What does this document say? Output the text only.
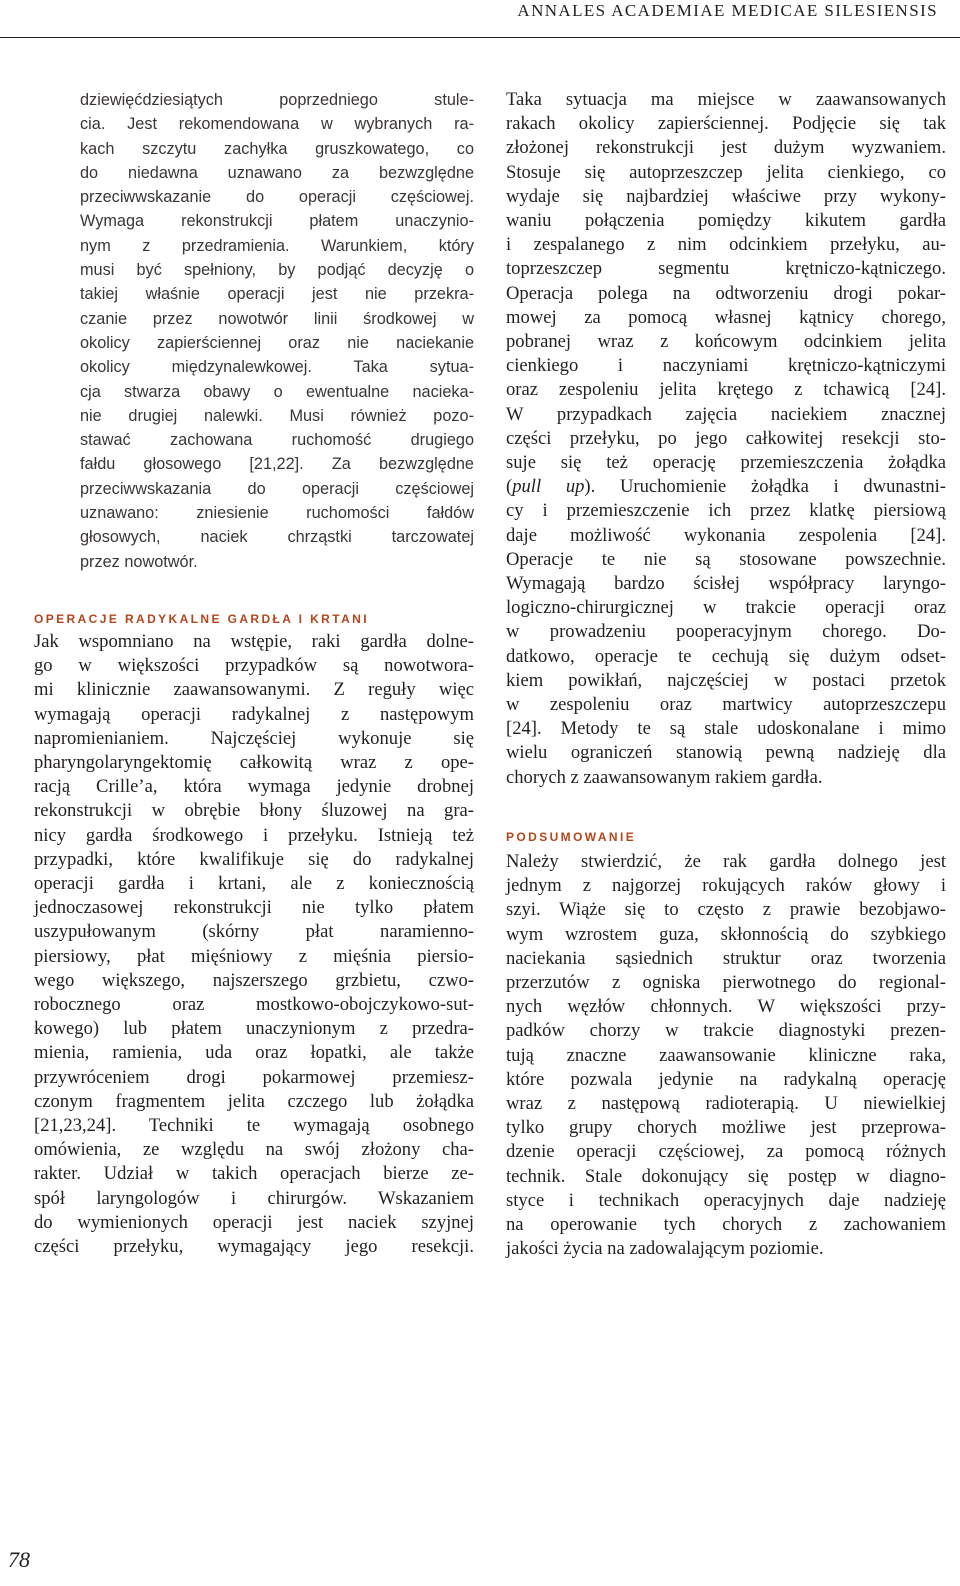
ANNALES ACADEMIAE MEDICAE SILESIENSIS

dziewięćdziesiątych poprzedniego stule-
cia. Jest rekomendowana w wybranych ra-
kach szczytu zachyłka gruszkowatego, co
do niedawna uznawano za bezwzględne
przeciwwskazanie do operacji częściowej.
Wymaga rekonstrukcji płatem unaczynio-
nym z przedramienia. Warunkiem, który
musi być spełniony, by podjąć decyzję o
takiej właśnie operacji jest nie przekra-
czanie przez nowotwór linii środkowej w
okolicy zapierściennej oraz nie naciekanie
okolicy międzynalewkowej. Taka sytua-
cja stwarza obawy o ewentualne naciekа-
nie drugiej nalewki. Musi również pozo-
stawać zachowana ruchomość drugiego
fałdu głosowego [21,22]. Za bezwzględne
przeciwwskazania do operacji częściowej
uznawano: zniesienie ruchomości fałdów
głosowych, naciek chrząstki tarczowatej
przez nowotwór.

OPERACJE RADYKALNE GARDŁA I KRTANI

Jak wspomniano na wstępie, raki gardła dolne-
go w większości przypadków są nowotwora-
mi klinicznie zaawansowanymi. Z reguły więc
wymagają operacji radykalnej z następowym
napromienianiem. Najczęściej wykonuje się
pharyngolaryngektomię całkowitą wraz z ope-
racją Crille’a, która wymaga jedynie drobnej
rekonstrukcji w obrębie błony śluzowej na gra-
nicy gardła środkowego i przełyku. Istnieją też
przypadki, które kwalifikuje się do radykalnej
operacji gardła i krtani, ale z koniecznością
jednoczasowej rekonstrukcji nie tylko płatem
uszypułowanym (skórny płat naramienno-
piersiowy, płat mięśniowy z mięśnia piersio-
wego większego, najszerszego grzbietu, czwo-
robocznego oraz mostkowo-obojczykowo-sut-
kowego) lub płatem unaczynionym z przedra-
mienia, ramienia, uda oraz łopatki, ale także
przywróceniem drogi pokarmowej przemiesz-
czonym fragmentem jelita czczego lub żołądka
[21,23,24]. Techniki te wymagają osobnego
omówienia, ze względu na swój złożony cha-
rakter. Udział w takich operacjach bierze ze-
spół laryngologów i chirurgów. Wskazaniem
do wymienionych operacji jest naciek szyjnej
części przełyku, wymagający jego resekcji.

Taka sytuacja ma miejsce w zaawansowanych
rakach okolicy zapierściennej. Podjęcie się tak
złożonej rekonstrukcji jest dużym wyzwaniem.
Stosuje się autoprzeszczep jelita cienkiego, co
wydaje się najbardziej właściwe przy wykony-
waniu połączenia pomiędzy kikutem gardła
i zespalanego z nim odcinkiem przełyku, au-
toprzeszczep segmentu krętniczo-kątniczego.
Operacja polega na odtworzeniu drogi pokar-
mowej za pomocą własnej kątnicy chorego,
pobranej wraz z końcowym odcinkiem jelita
cienkiego i naczyniami krętniczo-kątniczymi
oraz zespoleniu jelita krętego z tchawicą [24].
W przypadkach zajęcia naciekiem znacznej
części przełyku, po jego całkowitej resekcji sto-
suje się też operację przemieszczenia żołądka
(pull up). Uruchomienie żołądka i dwunastni-
cy i przemieszczenie ich przez klatkę piersiową
daje możliwość wykonania zespolenia [24].
Operacje te nie są stosowane powszechnie.
Wymagają bardzo ścisłej współpracy laryngo-
logiczno-chirurgicznej w trakcie operacji oraz
w prowadzeniu pooperacyjnym chorego. Do-
datkowo, operacje te cechują się dużym odset-
kiem powikłań, najczęściej w postaci przetok
w zespoleniu oraz martwicy autoprzeszczepu
[24]. Metody te są stale udoskonalane i mimo
wielu ograniczeń stanowią pewną nadzieję dla
chorych z zaawansowanym rakiem gardła.

PODSUMOWANIE

Należy stwierdzić, że rak gardła dolnego jest
jednym z najgorzej rokujących raków głowy i
szyi. Wiąże się to często z prawie bezobjawo-
wym wzrostem guza, skłonnością do szybkiego
naciekania sąsiednich struktur oraz tworzenia
przerzutów z ogniska pierwotnego do regional-
nych węzłów chłonnych. W większości przy-
padków chorzy w trakcie diagnostyki prezen-
tują znaczne zaawansowanie kliniczne raka,
które pozwala jedynie na radykalną operację
wraz z następową radioterapią. U niewielkiej
tylko grupy chorych możliwe jest przeprowa-
dzenie operacji częściowej, za pomocą różnych
technik. Stale dokonujący się postęp w diagno-
styce i technikach operacyjnych daje nadzieję
na operowanie tych chorych z zachowaniem
jakości życia na zadowalającym poziomie.

78
